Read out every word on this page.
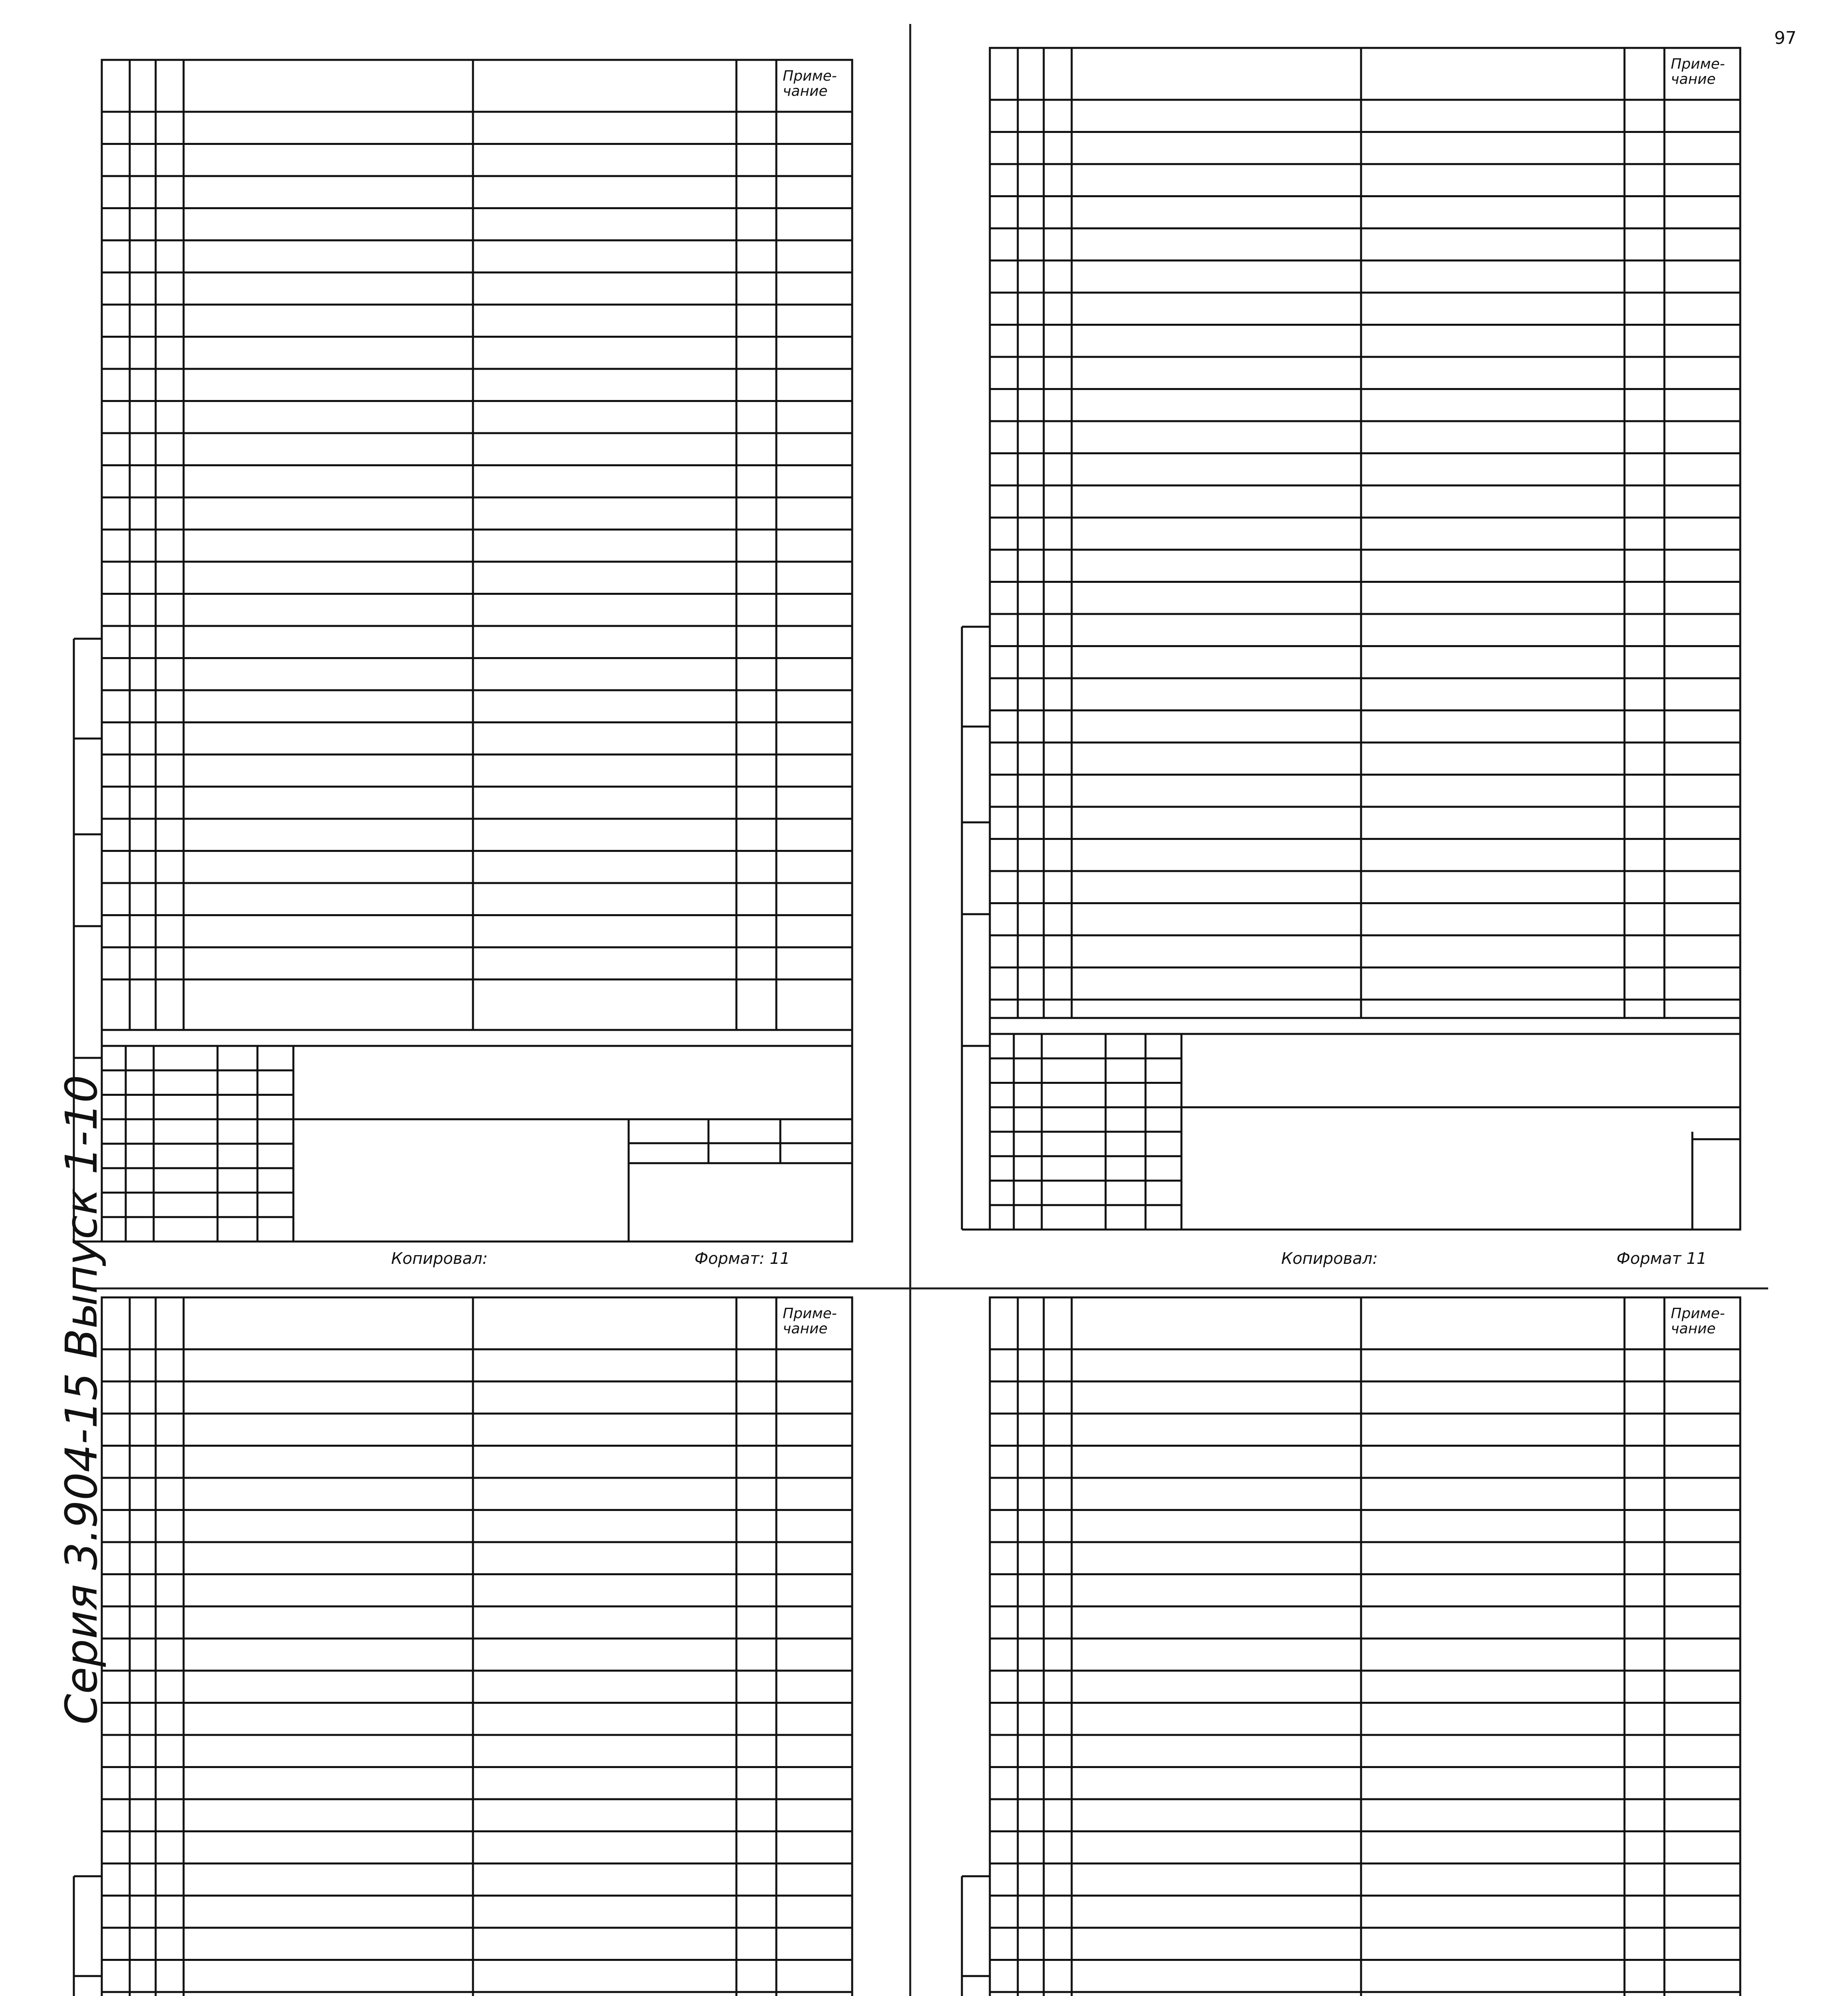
97
Серия 3.904-15 Выпуск 1-10
Приме- чание
Приме- чание
Приме- чание
Приме- чание
Копировал:	Формат: 11	Копировал:	Формат 11
